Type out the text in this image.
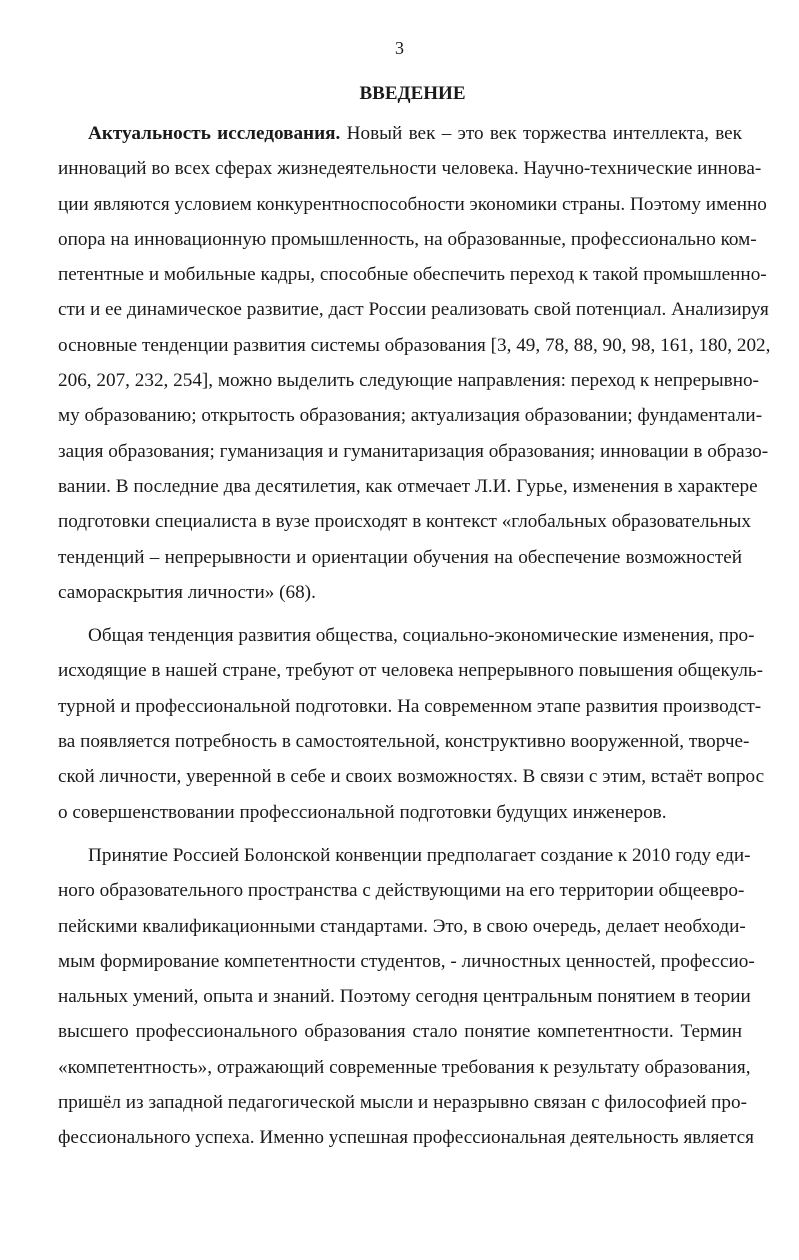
3
ВВЕДЕНИЕ
Актуальность исследования. Новый век – это век торжества интеллекта, век
инноваций во всех сферах жизнедеятельности человека. Научно-технические иннова-
ции являются условием конкурентноспособности экономики страны. Поэтому именно
опора на инновационную промышленность, на образованные, профессионально ком-
петентные и мобильные кадры, способные обеспечить переход к такой промышленно-
сти и ее динамическое развитие, даст России реализовать свой потенциал. Анализируя
основные тенденции развития системы образования [3, 49, 78, 88, 90, 98, 161, 180, 202,
206, 207, 232, 254], можно выделить следующие направления: переход к непрерывно-
му образованию; открытость образования; актуализация образовании; фундаментали-
зация образования; гуманизация и гуманитаризация образования; инновации в образо-
вании. В последние два десятилетия, как отмечает Л.И. Гурье, изменения в характере
подготовки специалиста в вузе происходят в контекст «глобальных образовательных
тенденций – непрерывности и ориентации обучения на обеспечение возможностей
самораскрытия личности» (68).
Общая тенденция развития общества, социально-экономические изменения, про-
исходящие в нашей стране, требуют от человека непрерывного повышения общекуль-
турной и профессиональной подготовки. На современном этапе развития производст-
ва появляется потребность в самостоятельной, конструктивно вооруженной, творче-
ской личности, уверенной в себе и своих возможностях. В связи с этим, встаёт вопрос
о совершенствовании профессиональной подготовки будущих инженеров.
Принятие Россией Болонской конвенции предполагает создание к 2010 году еди-
ного образовательного пространства с действующими на его территории общеевро-
пейскими квалификационными стандартами. Это, в свою очередь, делает необходи-
мым формирование компетентности студентов, - личностных ценностей, профессио-
нальных умений, опыта и знаний. Поэтому сегодня центральным понятием в теории
высшего профессионального образования стало понятие компетентности. Термин
«компетентность», отражающий современные требования к результату образования,
пришёл из западной педагогической мысли и неразрывно связан с философией про-
фессионального успеха. Именно успешная профессиональная деятельность является
